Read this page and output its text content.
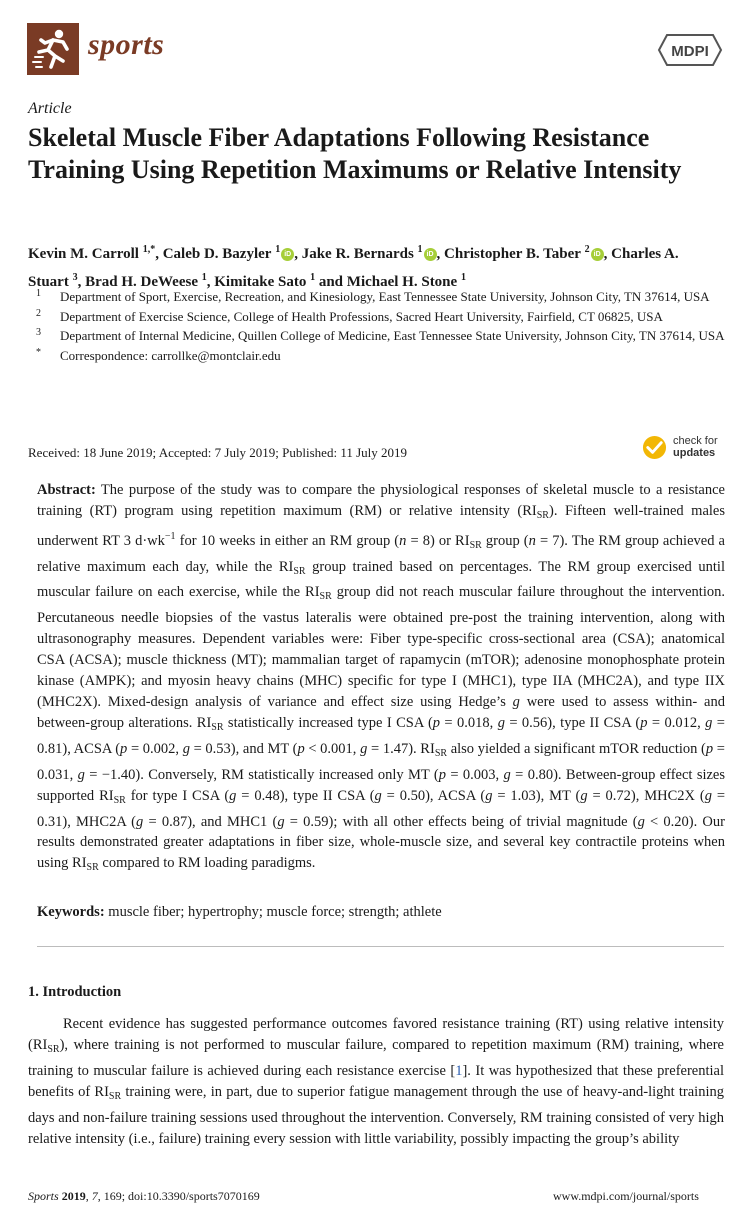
sports	MDPI
Article
Skeletal Muscle Fiber Adaptations Following Resistance Training Using Repetition Maximums or Relative Intensity
Kevin M. Carroll $^{1,*}$, Caleb D. Bazyler $^1$ iD , Jake R. Bernards $^1$ iD , Christopher B. Taber $^2$ iD , Charles A. Stuart $^3$, Brad H. DeWeese $^1$, Kimitake Sato $^1$ and Michael H. Stone $^1$
1 Department of Sport, Exercise, Recreation, and Kinesiology, East Tennessee State University, Johnson City, TN 37614, USA
2 Department of Exercise Science, College of Health Professions, Sacred Heart University, Fairfield, CT 06825, USA
3 Department of Internal Medicine, Quillen College of Medicine, East Tennessee State University, Johnson City, TN 37614, USA
* Correspondence: carrollke@montclair.edu
Received: 18 June 2019; Accepted: 7 July 2019; Published: 11 July 2019
check for
updates

Abstract: The purpose of the study was to compare the physiological responses of skeletal muscle to a resistance training (RT) program using repetition maximum (RM) or relative intensity $(RI_{SR})$. Fifteen well-trained males underwent RT 3 $d\cdot wk^{-1}$ for 10 weeks in either an RM group (n = 8) or $RI_{SR}$ group (n = 7). The RM group achieved a relative maximum each day, while the $RI_{SR}$ group trained based on percentages. The RM group exercised until muscular failure on each exercise, while the $RI_{SR}$ group did not reach muscular failure throughout the intervention. Percutaneous needle biopsies of the vastus lateralis were obtained pre-post the training intervention, along with ultrasonography measures. Dependent variables were: Fiber type-specific cross-sectional area (CSA); anatomical CSA (ACSA); muscle thickness (MT); mammalian target of rapamycin (mTOR); adenosine monophosphate protein kinase (AMPK); and myosin heavy chains (MHC) specific for type I (MHC1), type IIA (MHC2A), and type IIX (MHC2X). Mixed-design analysis of variance and effect size using Hedge’s g were used to assess within- and between-group alterations. $RI_{SR}$ statistically increased type I CSA (p = 0.018, g = 0.56), type II CSA (p = 0.012, g = 0.81), ACSA (p = 0.002, g = 0.53), and MT (p < 0.001, g = 1.47). $RI_{SR}$ also yielded a significant mTOR reduction (p = 0.031, g = −1.40). Conversely, RM statistically increased only MT (p = 0.003, g = 0.80). Between-group effect sizes supported $RI_{SR}$ for type I CSA (g = 0.48), type II CSA (g = 0.50), ACSA (g = 1.03), MT (g = 0.72), MHC2X (g = 0.31), MHC2A (g = 0.87), and MHC1 (g = 0.59); with all other effects being of trivial magnitude (g < 0.20). Our results demonstrated greater adaptations in fiber size, whole-muscle size, and several key contractile proteins when using $RI_{SR}$ compared to RM loading paradigms.

Keywords: muscle fiber; hypertrophy; muscle force; strength; athlete

1. Introduction

Recent evidence has suggested performance outcomes favored resistance training (RT) using relative intensity $(RI_{SR})$, where training is not performed to muscular failure, compared to repetition maximum (RM) training, where training to muscular failure is achieved during each resistance exercise [1]. It was hypothesized that these preferential benefits of $RI_{SR}$ training were, in part, due to superior fatigue management through the use of heavy-and-light training days and non-failure training sessions used throughout the intervention. Conversely, RM training consisted of very high relative intensity (i.e., failure) training every session with little variability, possibly impacting the group’s ability

Sports 2019, 7, 169; doi:10.3390/sports7070169	www.mdpi.com/journal/sports
